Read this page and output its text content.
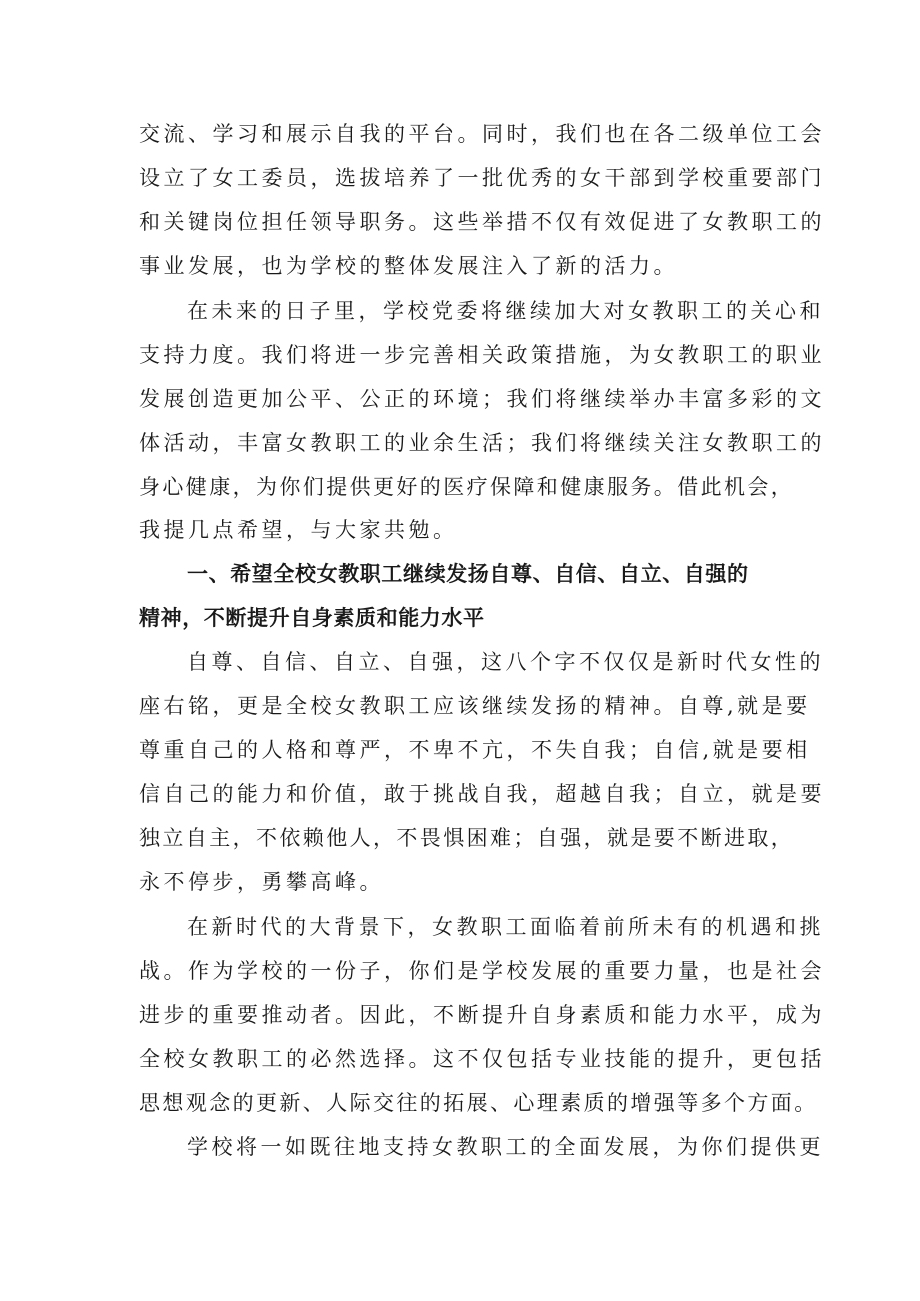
交流、学习和展示自我的平台。同时，我们也在各二级单位工会
设立了女工委员，选拔培养了一批优秀的女干部到学校重要部门
和关键岗位担任领导职务。这些举措不仅有效促进了女教职工的
事业发展，也为学校的整体发展注入了新的活力。
在未来的日子里，学校党委将继续加大对女教职工的关心和
支持力度。我们将进一步完善相关政策措施，为女教职工的职业
发展创造更加公平、公正的环境；我们将继续举办丰富多彩的文
体活动，丰富女教职工的业余生活；我们将继续关注女教职工的
身心健康，为你们提供更好的医疗保障和健康服务。借此机会，
我提几点希望，与大家共勉。
一、希望全校女教职工继续发扬自尊、自信、自立、自强的
精神，不断提升自身素质和能力水平
自尊、自信、自立、自强，这八个字不仅仅是新时代女性的
座右铭，更是全校女教职工应该继续发扬的精神。自尊,就是要
尊重自己的人格和尊严，不卑不亢，不失自我；自信,就是要相
信自己的能力和价值，敢于挑战自我，超越自我；自立，就是要
独立自主，不依赖他人，不畏惧困难；自强，就是要不断进取，
永不停步，勇攀高峰。
在新时代的大背景下，女教职工面临着前所未有的机遇和挑
战。作为学校的一份子，你们是学校发展的重要力量，也是社会
进步的重要推动者。因此，不断提升自身素质和能力水平，成为
全校女教职工的必然选择。这不仅包括专业技能的提升，更包括
思想观念的更新、人际交往的拓展、心理素质的增强等多个方面。
学校将一如既往地支持女教职工的全面发展，为你们提供更
